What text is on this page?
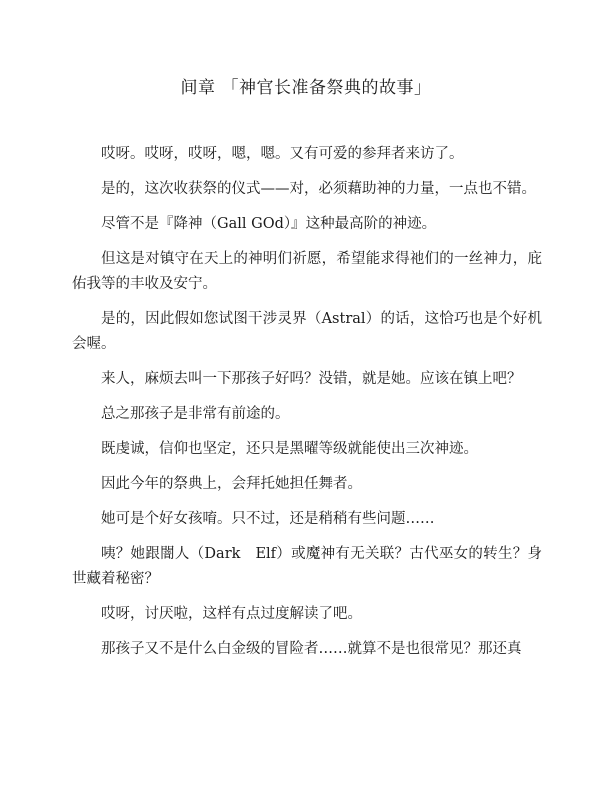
间章 「神官长准备祭典的故事」

哎呀。哎呀，哎呀，嗯，嗯。又有可爱的参拜者来访了。

是的，这次收获祭的仪式——对，必须藉助神的力量，一点也不错。

尽管不是『降神（Gall GOd）』这种最高阶的神迹。

但这是对镇守在天上的神明们祈愿，希望能求得祂们的一丝神力，庇佑我等的丰收及安宁。

是的，因此假如您试图干涉灵界（Astral）的话，这恰巧也是个好机会喔。

来人，麻烦去叫一下那孩子好吗？没错，就是她。应该在镇上吧？

总之那孩子是非常有前途的。

既虔诚，信仰也坚定，还只是黑曜等级就能使出三次神迹。

因此今年的祭典上，会拜托她担任舞者。

她可是个好女孩唷。只不过，还是稍稍有些问题……

咦？她跟闇人（Dark　Elf）或魔神有无关联？古代巫女的转生？身世藏着秘密？

哎呀，讨厌啦，这样有点过度解读了吧。

那孩子又不是什么白金级的冒险者……就算不是也很常见？那还真
